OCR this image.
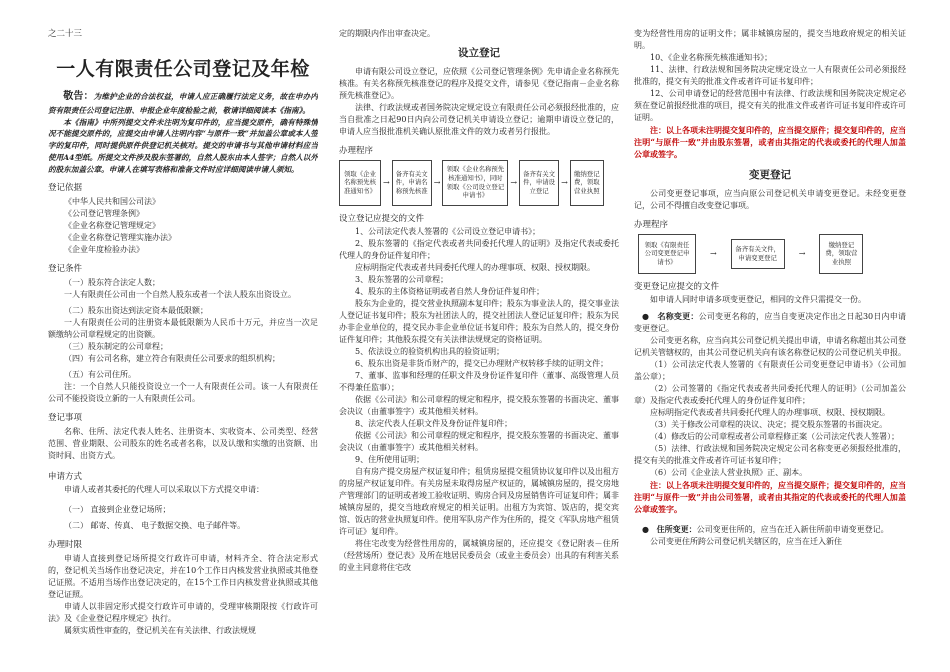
之二十三
一人有限责任公司登记及年检

敬告：为维护企业的合法权益，申请人应正确履行法定义务，故在申办内资有限责任公司登记注册、申报企业年度检验之前，敬请详细阅读本《指南》。

本《指南》中所列提交文件未注明为复印件的，应当提交原件，确有特殊情况不能提交原件的，应提交由申请人注明内容“与原件一致”并加盖公章或本人签字的复印件，同时提供原件供登记机关核对。提交的申请书与其他申请材料应当使用A4型纸。所提交文件涉及股东签署的，自然人股东由本人签字；自然人以外的股东加盖公章。申请人在填写表格和准备文件时应详细阅读申请人须知。

登记依据

《中华人民共和国公司法》

《公司登记管理条例》

《企业名称登记管理规定》

《企业名称登记管理实施办法》

《企业年度检验办法》

登记条件

（一）股东符合法定人数；

一人有限责任公司由一个自然人股东或者一个法人股东出资设立。

（二）股东出资达到法定资本最低限额；

一人有限责任公司的注册资本最低限额为人民币十万元，并应当一次足额缴纳公司章程规定的出资额。

（三）股东制定的公司章程；

（四）有公司名称，建立符合有限责任公司要求的组织机构；

（五）有公司住所。

注：一个自然人只能投资设立一个一人有限责任公司。该一人有限责任公司不能投资设立新的一人有限责任公司。

登记事项

名称、住所、法定代表人姓名、注册资本、实收资本、公司类型、经营范围、营业期限、公司股东的姓名或者名称，以及认缴和实缴的出资额、出资时间、出资方式。

申请方式

申请人或者其委托的代理人可以采取以下方式提交申请：

（一） 直接到企业登记场所；

（二） 邮寄、传真、 电子数据交换、电子邮件等。

办理时限

申请人直接到登记场所提交行政许可申请，材料齐全、符合法定形式的，登记机关当场作出登记决定，并在10个工作日内核发营业执照或其他登记证照。不适用当场作出登记决定的，在15个工作日内核发营业执照或其他登记证照。

申请人以非固定形式提交行政许可申请的，受理审核期限按《行政许可法》及《企业登记程序规定》执行。

属须实质性审查的，登记机关在有关法律、行政法规规

定的期限内作出审查决定。

设立登记

申请有限公司设立登记，应依照《公司登记管理条例》先申请企业名称预先核准。有关名称预先核准登记的程序及提交文件，请参见《登记指南－企业名称预先核准登记》。

法律、行政法规或者国务院决定规定设立有限责任公司必须报经批准的，应当自批准之日起90日内向公司登记机关申请设立登记；逾期申请设立登记的，申请人应当报批准机关确认原批准文件的效力或者另行报批。

办理程序
领取《企业名称预先核准通知书》
→
备齐有关文件，申请名称预先核准
→
领取《企业名称预先核准通知书》，同时领取《公司设立登记申请书》
→
备齐有关文件，申请设立登记
→
缴纳登记费，领取营业执照
设立登记应提交的文件

1、公司法定代表人签署的《公司设立登记申请书》；

2、股东签署的《指定代表或者共同委托代理人的证明》及指定代表或委托代理人的身份证件复印件；

应标明指定代表或者共同委托代理人的办理事项、权限、授权期限。

3、股东签署的公司章程；

4、股东的主体资格证明或者自然人身份证件复印件；

股东为企业的，提交营业执照副本复印件；股东为事业法人的，提交事业法人登记证书复印件；股东为社团法人的，提交社团法人登记证复印件；股东为民办非企业单位的，提交民办非企业单位证书复印件；股东为自然人的，提交身份证件复印件；其他股东提交有关法律法规规定的资格证明。

5、依法设立的验资机构出具的验资证明；

6、股东出资是非货币财产的，提交已办理财产权转移手续的证明文件；

7、董事、监事和经理的任职文件及身份证件复印件（董事、高级管理人员不得兼任监事）；

依据《公司法》和公司章程的规定和程序，提交股东签署的书面决定、董事会决议（由董事签字）或其他相关材料。

8、法定代表人任职文件及身份证件复印件；

依据《公司法》和公司章程的规定和程序，提交股东签署的书面决定、董事会决议（由董事签字）或其他相关材料。

9、住所使用证明；

自有房产提交房屋产权证复印件；租赁房屋提交租赁协议复印件以及出租方的房屋产权证复印件。有关房屋未取得房屋产权证的，属城镇房屋的，提交房地产管理部门的证明或者竣工验收证明、购房合同及房屋销售许可证复印件；属非城镇房屋的，提交当地政府规定的相关证明。出租方为宾馆、饭店的，提交宾馆、饭店的营业执照复印件。使用军队房产作为住所的，提交《军队房地产租赁许可证》复印件。

将住宅改变为经营性用房的，属城镇房屋的，还应提交《登记附表－住所（经营场所）登记表》及所在地居民委员会（或业主委员会）出具的有利害关系的业主同意将住宅改

变为经营性用房的证明文件；属非城镇房屋的，提交当地政府规定的相关证明。

10、《企业名称预先核准通知书》；

11、法律、行政法规和国务院决定规定设立一人有限责任公司必须报经批准的，提交有关的批准文件或者许可证书复印件；

12、公司申请登记的经营范围中有法律、行政法规和国务院决定规定必须在登记前报经批准的项目，提交有关的批准文件或者许可证书复印件或许可证明。

注：以上各项未注明提交复印件的，应当提交原件；提交复印件的，应当注明“与原件一致”并由股东签署，或者由其指定的代表或委托的代理人加盖公章或签字。

变更登记

公司变更登记事项，应当向原公司登记机关申请变更登记。未经变更登记，公司不得擅自改变登记事项。

办理程序
领取《有限责任公司变更登记申请书》
→	备齐有关文件，申请变更登记	→
缴纳登记费，领取营业执照
变更登记应提交的文件

如申请人同时申请多项变更登记，相同的文件只需提交一份。

●   名称变更：公司变更名称的，应当自变更决定作出之日起30日内申请变更登记。

公司变更名称，应当向其公司登记机关提出申请，申请名称超出其公司登记机关管辖权的，由其公司登记机关向有该名称登记权的公司登记机关申报。

（1）公司法定代表人签署的《有限责任公司变更登记申请书》（公司加盖公章）；

（2）公司签署的《指定代表或者共同委托代理人的证明》（公司加盖公章）及指定代表或委托代理人的身份证件复印件；

应标明指定代表或者共同委托代理人的办理事项、权限、授权期限。

（3）关于修改公司章程的决议、决定；提交股东签署的书面决定。

（4）修改后的公司章程或者公司章程修正案（公司法定代表人签署）；

（5）法律、行政法规和国务院决定规定公司名称变更必须报经批准的，提交有关的批准文件或者许可证书复印件；

（6）公司《企业法人营业执照》正、副本。

注：以上各项未注明提交复印件的，应当提交原件；提交复印件的，应当注明“与原件一致”并由公司签署，或者由其指定的代表或委托的代理人加盖公章或签字。

●   住所变更：公司变更住所的，应当在迁入新住所前申请变更登记。

公司变更住所跨公司登记机关辖区的，应当在迁入新住
